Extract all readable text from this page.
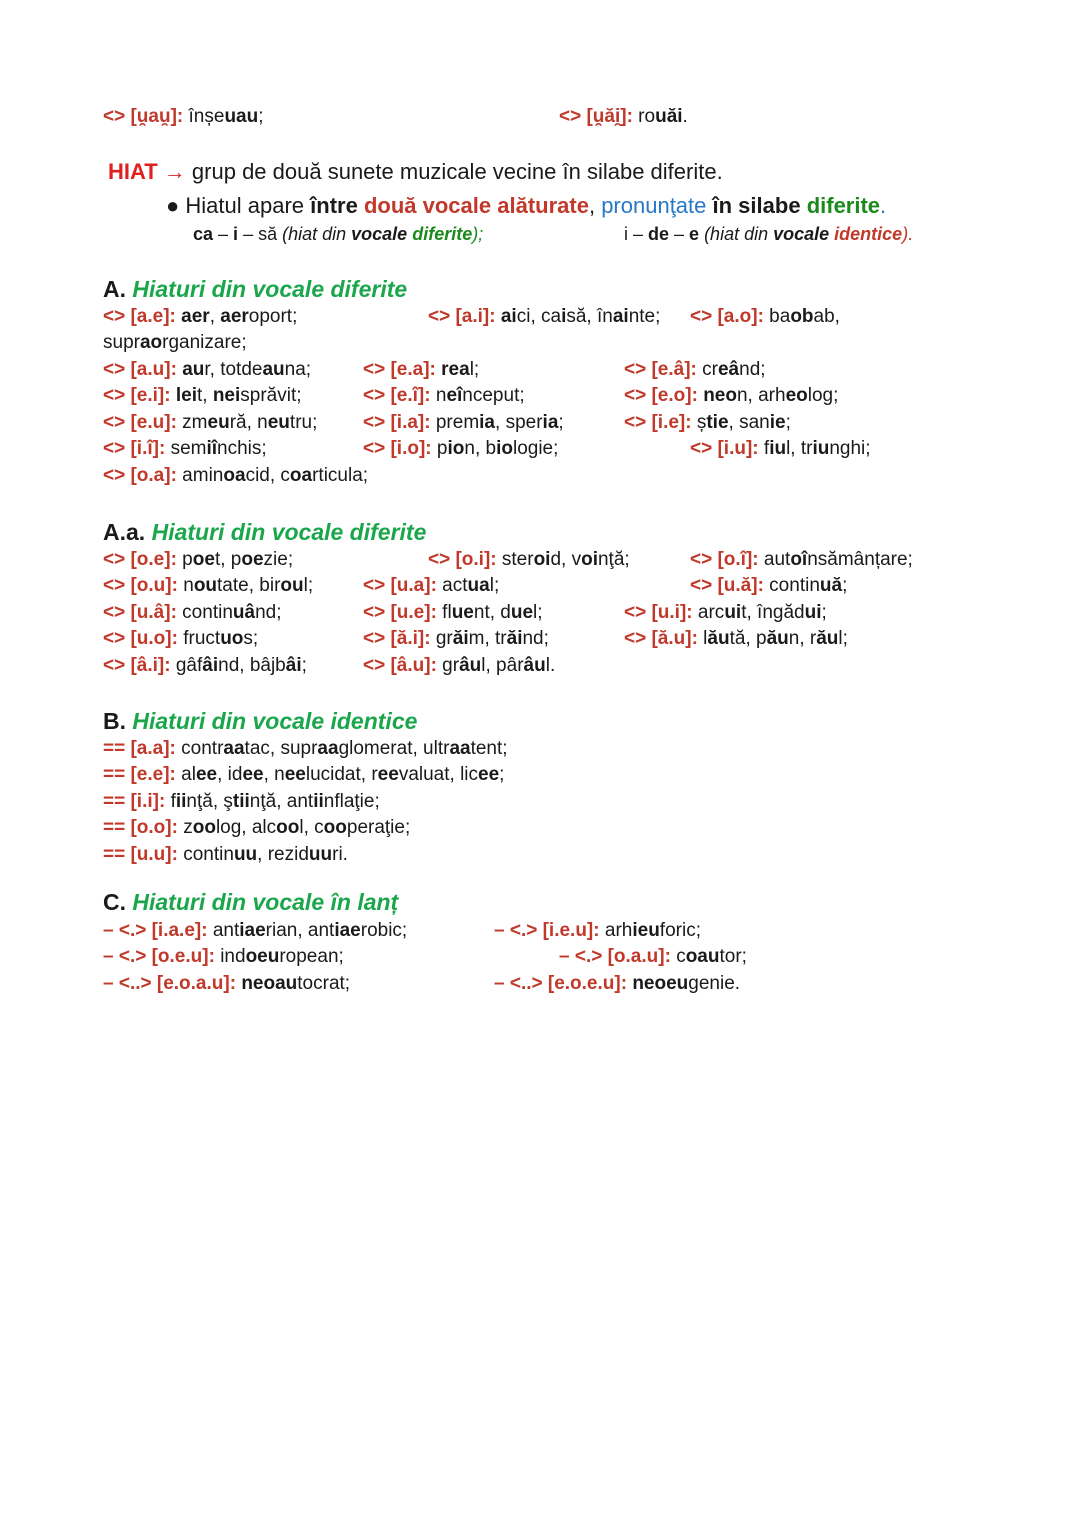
<> [u̯au̯]: înșeuau;	<> [u̯ăi̯]: rouăi.
HIAT → grup de două sunete muzicale vecine în silabe diferite.
● Hiatul apare între două vocale alăturate, pronunţate în silabe diferite.
ca – i – să (hiat din vocale diferite);	i – de – e (hiat din vocale identice).
A. Hiaturi din vocale diferite
<> [a.e]: aer, aeroport;	<> [a.i]: aici, caisă, înainte; <> [a.o]: baobab,
supraorganizare;
<> [a.u]: aur, totdeauna;	<> [e.a]: real;	<> [e.â]: creând;
<> [e.i]: leit, neisprăvit;	<> [e.î]: neînceput;	<> [e.o]: neon, arheolog;
<> [e.u]: zmeură, neutru; <> [i.a]: premia, speria;	<> [i.e]: știe, sanie;
<> [i.î]: semiînchis;	<> [i.o]: pion, biologie;	<> [i.u]: fiul, triunghi;
<> [o.a]: aminoacid, coarticula;
A.a. Hiaturi din vocale diferite
<> [o.e]: poet, poezie;	<> [o.i]: steroid, voinţă;	<> [o.î]: autoînsămânțare;
<> [o.u]: noutate, biroul;	<> [u.a]: actual;	<> [u.ă]: continuă;
<> [u.â]: continuând;	<> [u.e]: fluent, duel;	<> [u.i]: arcuit, îngădui;
<> [u.o]: fructuos;	<> [ă.i]: grăim, trăind;	<> [ă.u]: lăută, păun, răul;
<> [â.i]: gâfâind, bâjbâi;	<> [â.u]: grâul, pârâul.
B. Hiaturi din vocale identice
== [a.a]: contraatac, supraaglomerat, ultraatent;
== [e.e]: alee, idee, neelucidat, reevaluat, licee;
== [i.i]: fiinţă, ştiinţă, antiinflaţie;
== [o.o]: zoolog, alcool, cooperaţie;
== [u.u]: continuu, reziduuri.
C. Hiaturi din vocale în lanț
– <.> [i.a.e]: antiaerian, antiaerobic;	– <.> [i.e.u]: arhieuforic;
– <.> [o.e.u]: indoeuropean;	– <.> [o.a.u]: coautor;
– <..> [e.o.a.u]: neoautocrat;	– <..> [e.o.e.u]: neoeugenie.
